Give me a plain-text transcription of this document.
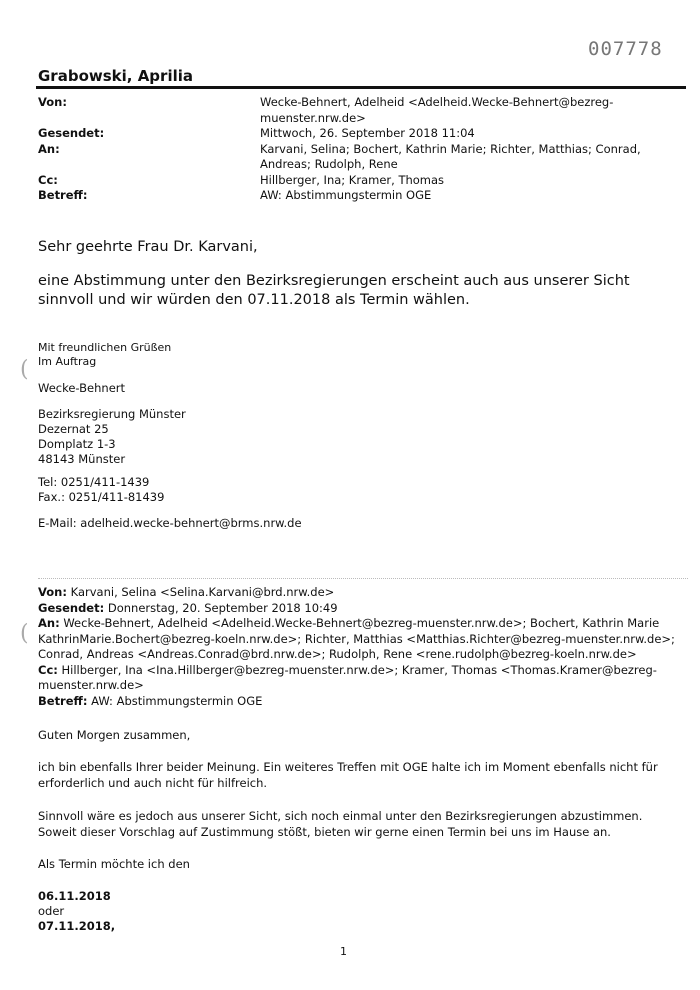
007778
Grabowski, Aprilia
Von:	Wecke-Behnert, Adelheid <Adelheid.Wecke-Behnert@bezreg-muenster.nrw.de>
Gesendet:	Mittwoch, 26. September 2018 11:04
An:	Karvani, Selina; Bochert, Kathrin Marie; Richter, Matthias; Conrad, Andreas; Rudolph, Rene
Cc:	Hillberger, Ina; Kramer, Thomas
Betreff:	AW: Abstimmungstermin OGE
Sehr geehrte Frau Dr. Karvani,
eine Abstimmung unter den Bezirksregierungen erscheint auch aus unserer Sicht sinnvoll und wir würden den 07.11.2018 als Termin wählen.
Mit freundlichen Grüßen
Im Auftrag
(
Wecke-Behnert
Bezirksregierung Münster
Dezernat 25
Domplatz 1-3
48143 Münster
Tel: 0251/411-1439
Fax.: 0251/411-81439
E-Mail: adelheid.wecke-behnert@brms.nrw.de
Von: Karvani, Selina <Selina.Karvani@brd.nrw.de>
Gesendet: Donnerstag, 20. September 2018 10:49
An: Wecke-Behnert, Adelheid <Adelheid.Wecke-Behnert@bezreg-muenster.nrw.de>; Bochert, Kathrin Marie
KathrinMarie.Bochert@bezreg-koeln.nrw.de>; Richter, Matthias <Matthias.Richter@bezreg-muenster.nrw.de>;
Conrad, Andreas <Andreas.Conrad@brd.nrw.de>; Rudolph, Rene <rene.rudolph@bezreg-koeln.nrw.de>
Cc: Hillberger, Ina <Ina.Hillberger@bezreg-muenster.nrw.de>; Kramer, Thomas <Thomas.Kramer@bezreg-
muenster.nrw.de>
Betreff: AW: Abstimmungstermin OGE
(
Guten Morgen zusammen,
ich bin ebenfalls Ihrer beider Meinung. Ein weiteres Treffen mit OGE halte ich im Moment ebenfalls nicht für erforderlich und auch nicht für hilfreich.
Sinnvoll wäre es jedoch aus unserer Sicht, sich noch einmal unter den Bezirksregierungen abzustimmen. Soweit dieser Vorschlag auf Zustimmung stößt, bieten wir gerne einen Termin bei uns im Hause an.
Als Termin möchte ich den
06.11.2018
oder
07.11.2018,
1
